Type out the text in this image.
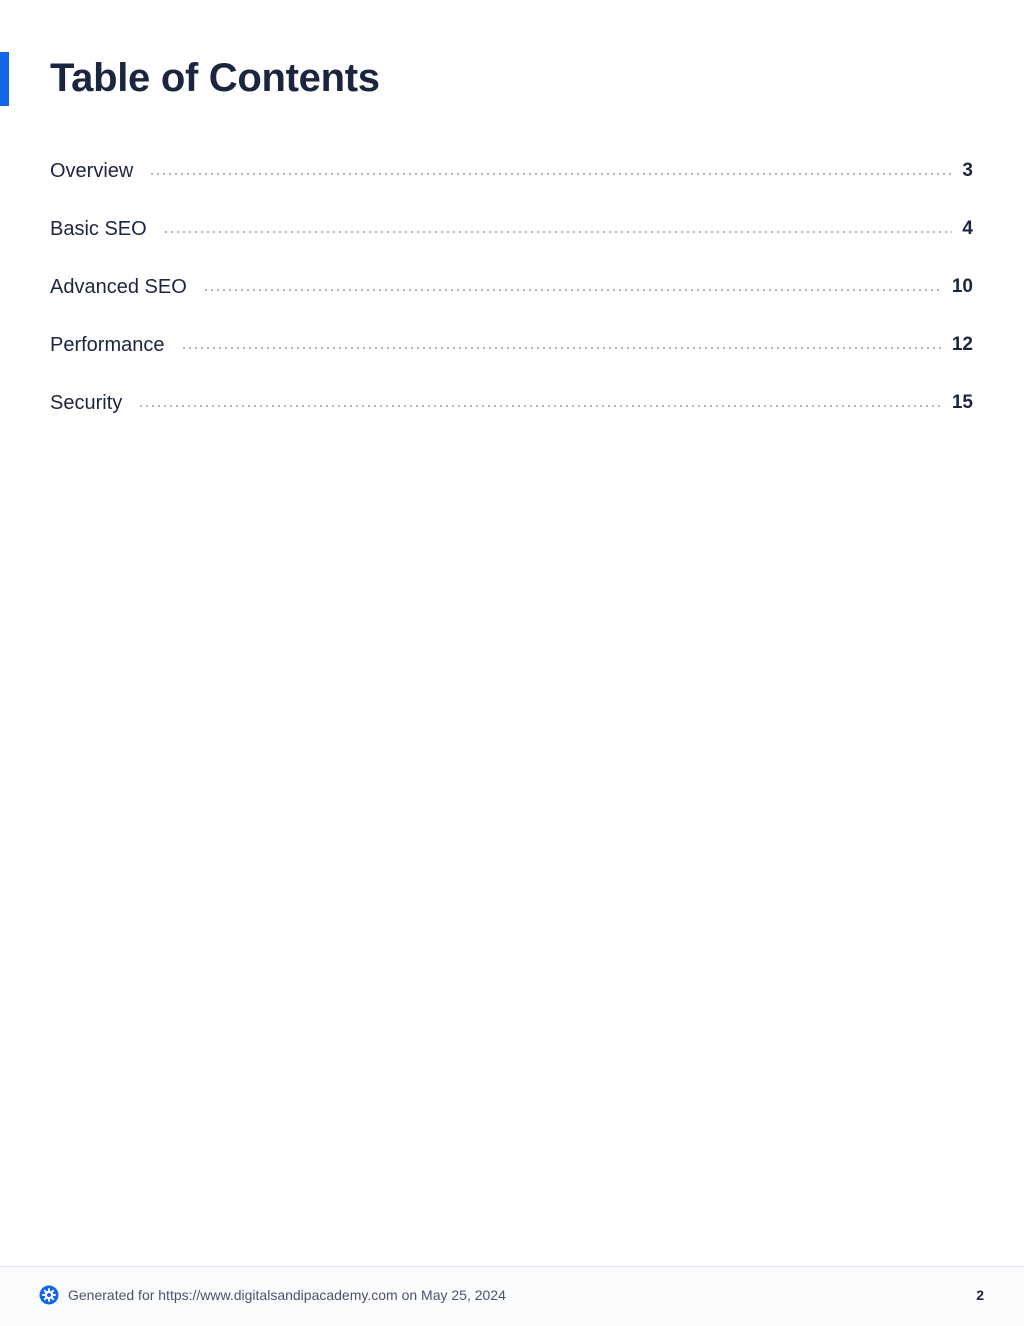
Table of Contents
Overview	3
Basic SEO	4
Advanced SEO	10
Performance	12
Security	15
Generated for https://www.digitalsandipacademy.com on May 25, 2024	2
